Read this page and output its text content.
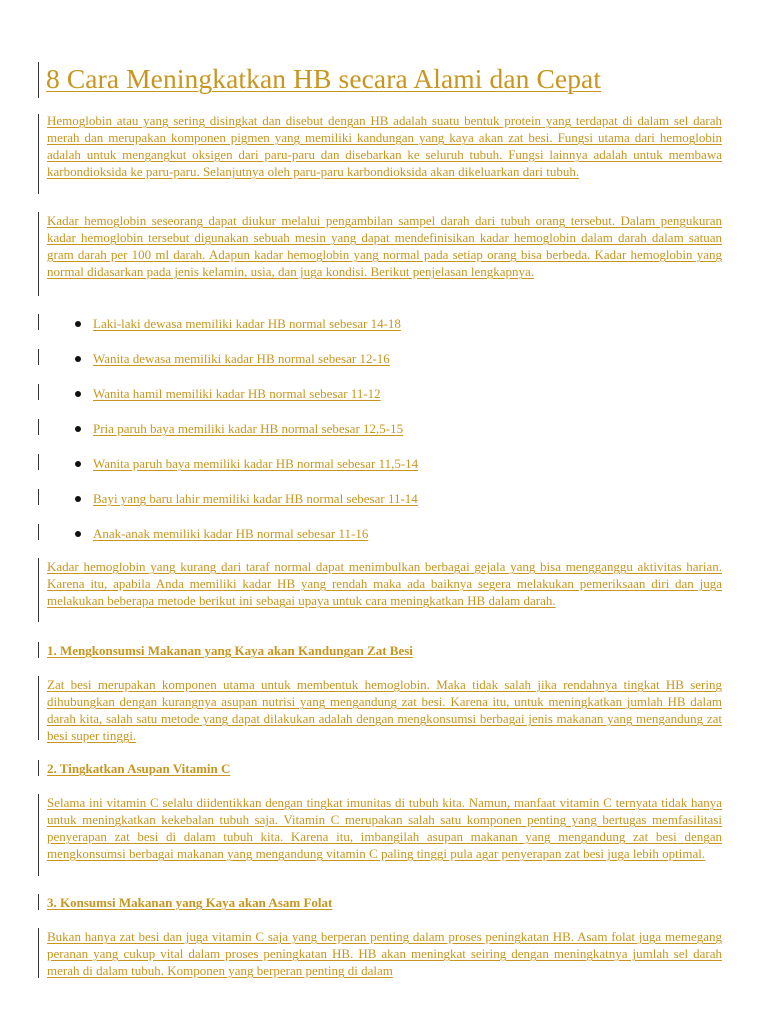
8 Cara Meningkatkan HB secara Alami dan Cepat

Hemoglobin atau yang sering disingkat dan disebut dengan HB adalah suatu bentuk protein yang terdapat di dalam sel darah merah dan merupakan komponen pigmen yang memiliki kandungan yang kaya akan zat besi. Fungsi utama dari hemoglobin adalah untuk mengangkut oksigen dari paru-paru dan disebarkan ke seluruh tubuh. Fungsi lainnya adalah untuk membawa karbondioksida ke paru-paru. Selanjutnya oleh paru-paru karbondioksida akan dikeluarkan dari tubuh.

Kadar hemoglobin seseorang dapat diukur melalui pengambilan sampel darah dari tubuh orang tersebut. Dalam pengukuran kadar hemoglobin tersebut digunakan sebuah mesin yang dapat mendefinisikan kadar hemoglobin dalam darah dalam satuan gram darah per 100 ml darah. Adapun kadar hemoglobin yang normal pada setiap orang bisa berbeda. Kadar hemoglobin yang normal didasarkan pada jenis kelamin, usia, dan juga kondisi. Berikut penjelasan lengkapnya.

Laki-laki dewasa memiliki kadar HB normal sebesar 14-18
Wanita dewasa memiliki kadar HB normal sebesar 12-16
Wanita hamil memiliki kadar HB normal sebesar 11-12
Pria paruh baya memiliki kadar HB normal sebesar 12,5-15
Wanita paruh baya memiliki kadar HB normal sebesar 11,5-14
Bayi yang baru lahir memiliki kadar HB normal sebesar 11-14
Anak-anak memiliki kadar HB normal sebesar 11-16

Kadar hemoglobin yang kurang dari taraf normal dapat menimbulkan berbagai gejala yang bisa mengganggu aktivitas harian. Karena itu, apabila Anda memiliki kadar HB yang rendah maka ada baiknya segera melakukan pemeriksaan diri dan juga melakukan beberapa metode berikut ini sebagai upaya untuk cara meningkatkan HB dalam darah.

1. Mengkonsumsi Makanan yang Kaya akan Kandungan Zat Besi

Zat besi merupakan komponen utama untuk membentuk hemoglobin. Maka tidak salah jika rendahnya tingkat HB sering dihubungkan dengan kurangnya asupan nutrisi yang mengandung zat besi. Karena itu, untuk meningkatkan jumlah HB dalam darah kita, salah satu metode yang dapat dilakukan adalah dengan mengkonsumsi berbagai jenis makanan yang mengandung zat besi super tinggi.

2. Tingkatkan Asupan Vitamin C

Selama ini vitamin C selalu diidentikkan dengan tingkat imunitas di tubuh kita. Namun, manfaat vitamin C ternyata tidak hanya untuk meningkatkan kekebalan tubuh saja. Vitamin C merupakan salah satu komponen penting yang bertugas memfasilitasi penyerapan zat besi di dalam tubuh kita. Karena itu, imbangilah asupan makanan yang mengandung zat besi dengan mengkonsumsi berbagai makanan yang mengandung vitamin C paling tinggi pula agar penyerapan zat besi juga lebih optimal.

3. Konsumsi Makanan yang Kaya akan Asam Folat

Bukan hanya zat besi dan juga vitamin C saja yang berperan penting dalam proses peningkatan HB. Asam folat juga memegang peranan yang cukup vital dalam proses peningkatan HB. HB akan meningkat seiring dengan meningkatnya jumlah sel darah merah di dalam tubuh. Komponen yang berperan penting di dalam
